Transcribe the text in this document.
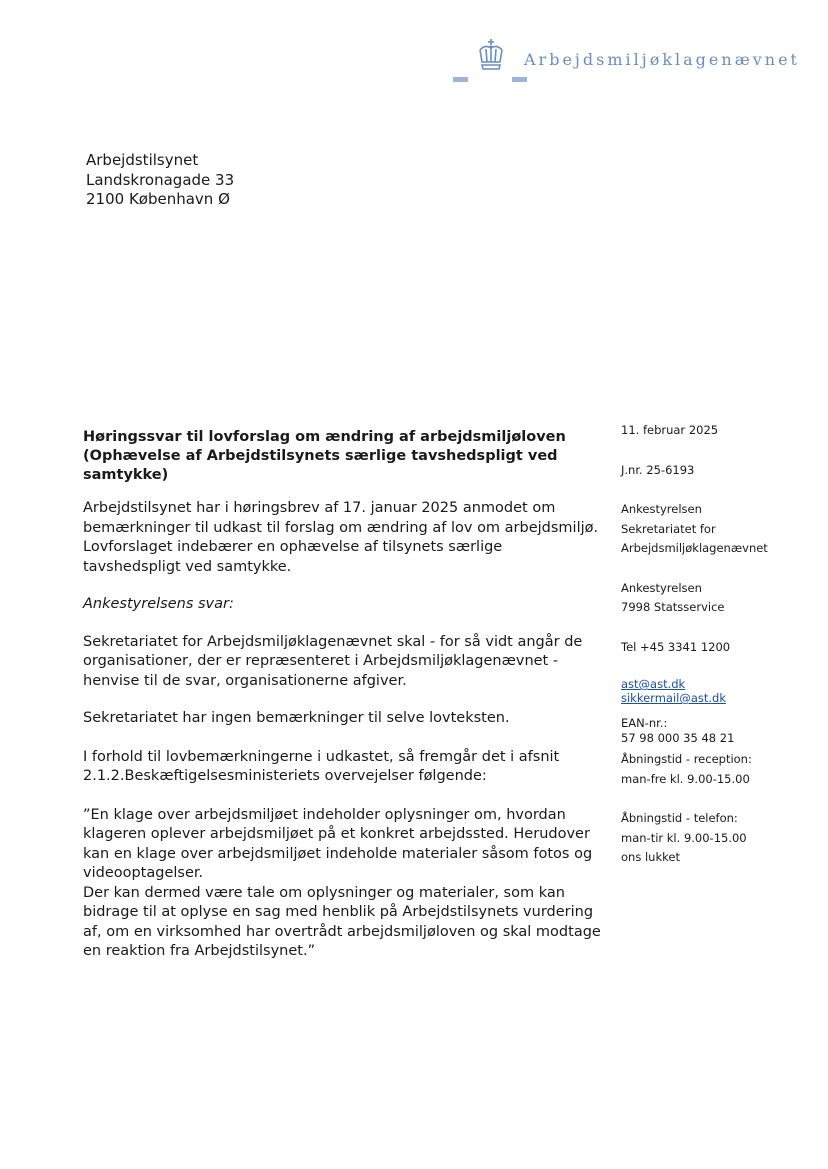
Arbejdsmiljøklagenævnet
Arbejdstilsynet
Landskronagade 33
2100 København Ø
Høringssvar til lovforslag om ændring af arbejdsmiljøloven
(Ophævelse af Arbejdstilsynets særlige tavshedspligt ved
samtykke)

Arbejdstilsynet har i høringsbrev af 17. januar 2025 anmodet om bemærkninger til udkast til forslag om ændring af lov om arbejdsmiljø. Lovforslaget indebærer en ophævelse af tilsynets særlige tavshedspligt ved samtykke.

Ankestyrelsens svar:

Sekretariatet for Arbejdsmiljøklagenævnet skal - for så vidt angår de organisationer, der er repræsenteret i Arbejdsmiljøklagenævnet - henvise til de svar, organisationerne afgiver.

Sekretariatet har ingen bemærkninger til selve lovteksten.

I forhold til lovbemærkningerne i udkastet, så fremgår det i afsnit 2.1.2.Beskæftigelsesministeriets overvejelser følgende:

”En klage over arbejdsmiljøet indeholder oplysninger om, hvordan klageren oplever arbejdsmiljøet på et konkret arbejdssted. Herudover kan en klage over arbejdsmiljøet indeholde materialer såsom fotos og videooptagelser.

Der kan dermed være tale om oplysninger og materialer, som kan bidrage til at oplyse en sag med henblik på Arbejdstilsynets vurdering af, om en virksomhed har overtrådt arbejdsmiljøloven og skal modtage en reaktion fra Arbejdstilsynet.”

11. februar 2025
J.nr. 25-6193
Ankestyrelsen
Sekretariatet for
Arbejdsmiljøklagenævnet
Ankestyrelsen
7998 Statsservice
Tel +45 3341 1200
ast@ast.dk
sikkermail@ast.dk
EAN-nr.:
57 98 000 35 48 21
Åbningstid - reception:
man-fre kl. 9.00-15.00
Åbningstid - telefon:
man-tir kl. 9.00-15.00
ons lukket
